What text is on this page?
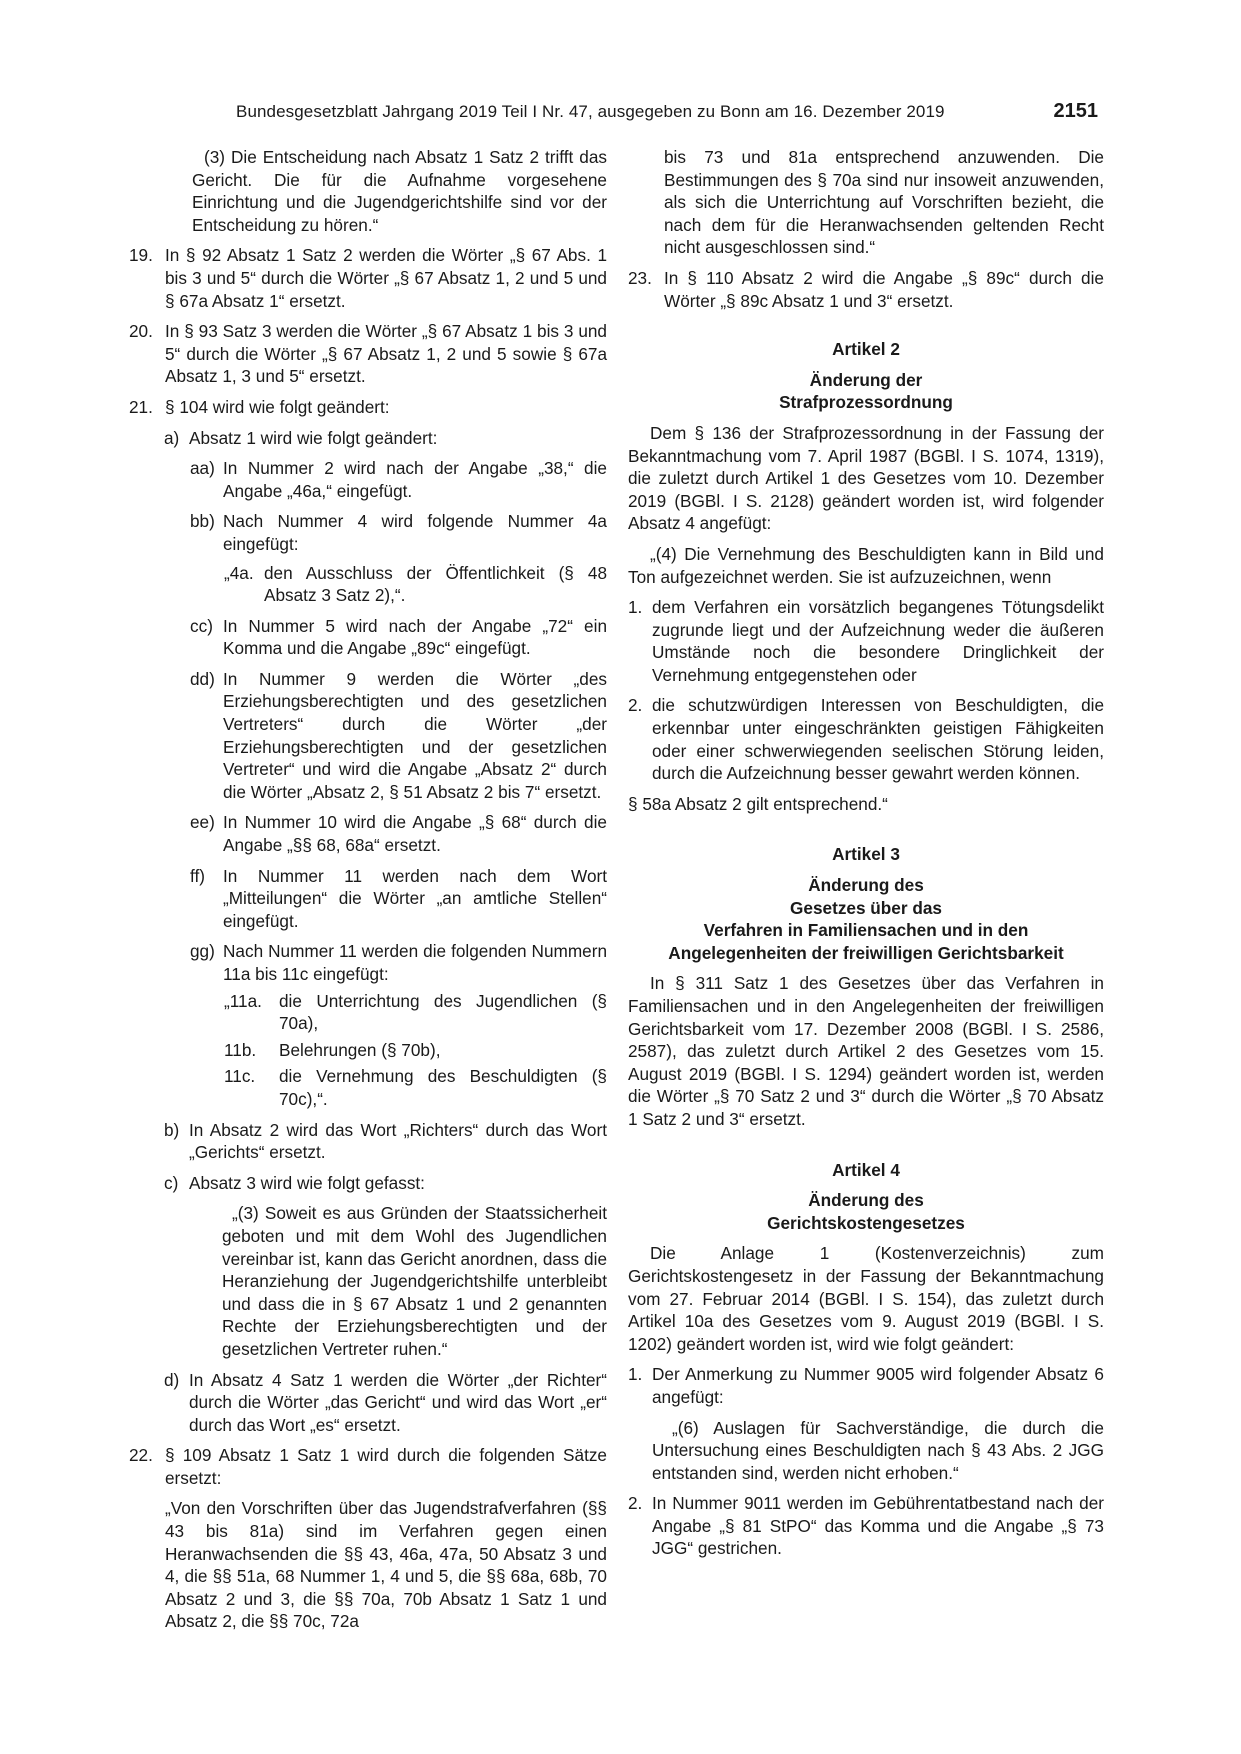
Bundesgesetzblatt Jahrgang 2019 Teil I Nr. 47, ausgegeben zu Bonn am 16. Dezember 2019	2151

(3) Die Entscheidung nach Absatz 1 Satz 2 trifft das Gericht. Die für die Aufnahme vorgesehene Einrichtung und die Jugendgerichtshilfe sind vor der Entscheidung zu hören.“

19. In § 92 Absatz 1 Satz 2 werden die Wörter „§ 67 Abs. 1 bis 3 und 5“ durch die Wörter „§ 67 Absatz 1, 2 und 5 und § 67a Absatz 1“ ersetzt.
20. In § 93 Satz 3 werden die Wörter „§ 67 Absatz 1 bis 3 und 5“ durch die Wörter „§ 67 Absatz 1, 2 und 5 sowie § 67a Absatz 1, 3 und 5“ ersetzt.
21. § 104 wird wie folgt geändert:
a) Absatz 1 wird wie folgt geändert:
aa) In Nummer 2 wird nach der Angabe „38,“ die Angabe „46a,“ eingefügt.
bb) Nach Nummer 4 wird folgende Nummer 4a eingefügt:
„4a. den Ausschluss der Öffentlichkeit (§ 48 Absatz 3 Satz 2),“.
cc) In Nummer 5 wird nach der Angabe „72“ ein Komma und die Angabe „89c“ eingefügt.
dd) In Nummer 9 werden die Wörter „des Erziehungsberechtigten und des gesetzlichen Vertreters“ durch die Wörter „der Erziehungsberechtigten und der gesetzlichen Vertreter“ und wird die Angabe „Absatz 2“ durch die Wörter „Absatz 2, § 51 Absatz 2 bis 7“ ersetzt.
ee) In Nummer 10 wird die Angabe „§ 68“ durch die Angabe „§§ 68, 68a“ ersetzt.
ff) In Nummer 11 werden nach dem Wort „Mitteilungen“ die Wörter „an amtliche Stellen“ eingefügt.
gg) Nach Nummer 11 werden die folgenden Nummern 11a bis 11c eingefügt:
„11a. die Unterrichtung des Jugendlichen (§ 70a),
11b. Belehrungen (§ 70b),
11c. die Vernehmung des Beschuldigten (§ 70c),“.
b) In Absatz 2 wird das Wort „Richters“ durch das Wort „Gerichts“ ersetzt.
c) Absatz 3 wird wie folgt gefasst:

„(3) Soweit es aus Gründen der Staatssicherheit geboten und mit dem Wohl des Jugendlichen vereinbar ist, kann das Gericht anordnen, dass die Heranziehung der Jugendgerichtshilfe unterbleibt und dass die in § 67 Absatz 1 und 2 genannten Rechte der Erziehungsberechtigten und der gesetzlichen Vertreter ruhen.“

d) In Absatz 4 Satz 1 werden die Wörter „der Richter“ durch die Wörter „das Gericht“ und wird das Wort „er“ durch das Wort „es“ ersetzt.
22. § 109 Absatz 1 Satz 1 wird durch die folgenden Sätze ersetzt:

„Von den Vorschriften über das Jugendstrafverfahren (§§ 43 bis 81a) sind im Verfahren gegen einen Heranwachsenden die §§ 43, 46a, 47a, 50 Absatz 3 und 4, die §§ 51a, 68 Nummer 1, 4 und 5, die §§ 68a, 68b, 70 Absatz 2 und 3, die §§ 70a, 70b Absatz 1 Satz 1 und Absatz 2, die §§ 70c, 72a

bis 73 und 81a entsprechend anzuwenden. Die Bestimmungen des § 70a sind nur insoweit anzuwenden, als sich die Unterrichtung auf Vorschriften bezieht, die nach dem für die Heranwachsenden geltenden Recht nicht ausgeschlossen sind.“

23. In § 110 Absatz 2 wird die Angabe „§ 89c“ durch die Wörter „§ 89c Absatz 1 und 3“ ersetzt.

Artikel 2

Änderung der

Strafprozessordnung

Dem § 136 der Strafprozessordnung in der Fassung der Bekanntmachung vom 7. April 1987 (BGBl. I S. 1074, 1319), die zuletzt durch Artikel 1 des Gesetzes vom 10. Dezember 2019 (BGBl. I S. 2128) geändert worden ist, wird folgender Absatz 4 angefügt:

„(4) Die Vernehmung des Beschuldigten kann in Bild und Ton aufgezeichnet werden. Sie ist aufzuzeichnen, wenn

1. dem Verfahren ein vorsätzlich begangenes Tötungsdelikt zugrunde liegt und der Aufzeichnung weder die äußeren Umstände noch die besondere Dringlichkeit der Vernehmung entgegenstehen oder
2. die schutzwürdigen Interessen von Beschuldigten, die erkennbar unter eingeschränkten geistigen Fähigkeiten oder einer schwerwiegenden seelischen Störung leiden, durch die Aufzeichnung besser gewahrt werden können.

§ 58a Absatz 2 gilt entsprechend.“

Artikel 3

Änderung des

Gesetzes über das

Verfahren in Familiensachen und in den

Angelegenheiten der freiwilligen Gerichtsbarkeit

In § 311 Satz 1 des Gesetzes über das Verfahren in Familiensachen und in den Angelegenheiten der freiwilligen Gerichtsbarkeit vom 17. Dezember 2008 (BGBl. I S. 2586, 2587), das zuletzt durch Artikel 2 des Gesetzes vom 15. August 2019 (BGBl. I S. 1294) geändert worden ist, werden die Wörter „§ 70 Satz 2 und 3“ durch die Wörter „§ 70 Absatz 1 Satz 2 und 3“ ersetzt.

Artikel 4

Änderung des

Gerichtskostengesetzes

Die Anlage 1 (Kostenverzeichnis) zum Gerichtskostengesetz in der Fassung der Bekanntmachung vom 27. Februar 2014 (BGBl. I S. 154), das zuletzt durch Artikel 10a des Gesetzes vom 9. August 2019 (BGBl. I S. 1202) geändert worden ist, wird wie folgt geändert:

1. Der Anmerkung zu Nummer 9005 wird folgender Absatz 6 angefügt:

„(6) Auslagen für Sachverständige, die durch die Untersuchung eines Beschuldigten nach § 43 Abs. 2 JGG entstanden sind, werden nicht erhoben.“

2. In Nummer 9011 werden im Gebührentatbestand nach der Angabe „§ 81 StPO“ das Komma und die Angabe „§ 73 JGG“ gestrichen.
